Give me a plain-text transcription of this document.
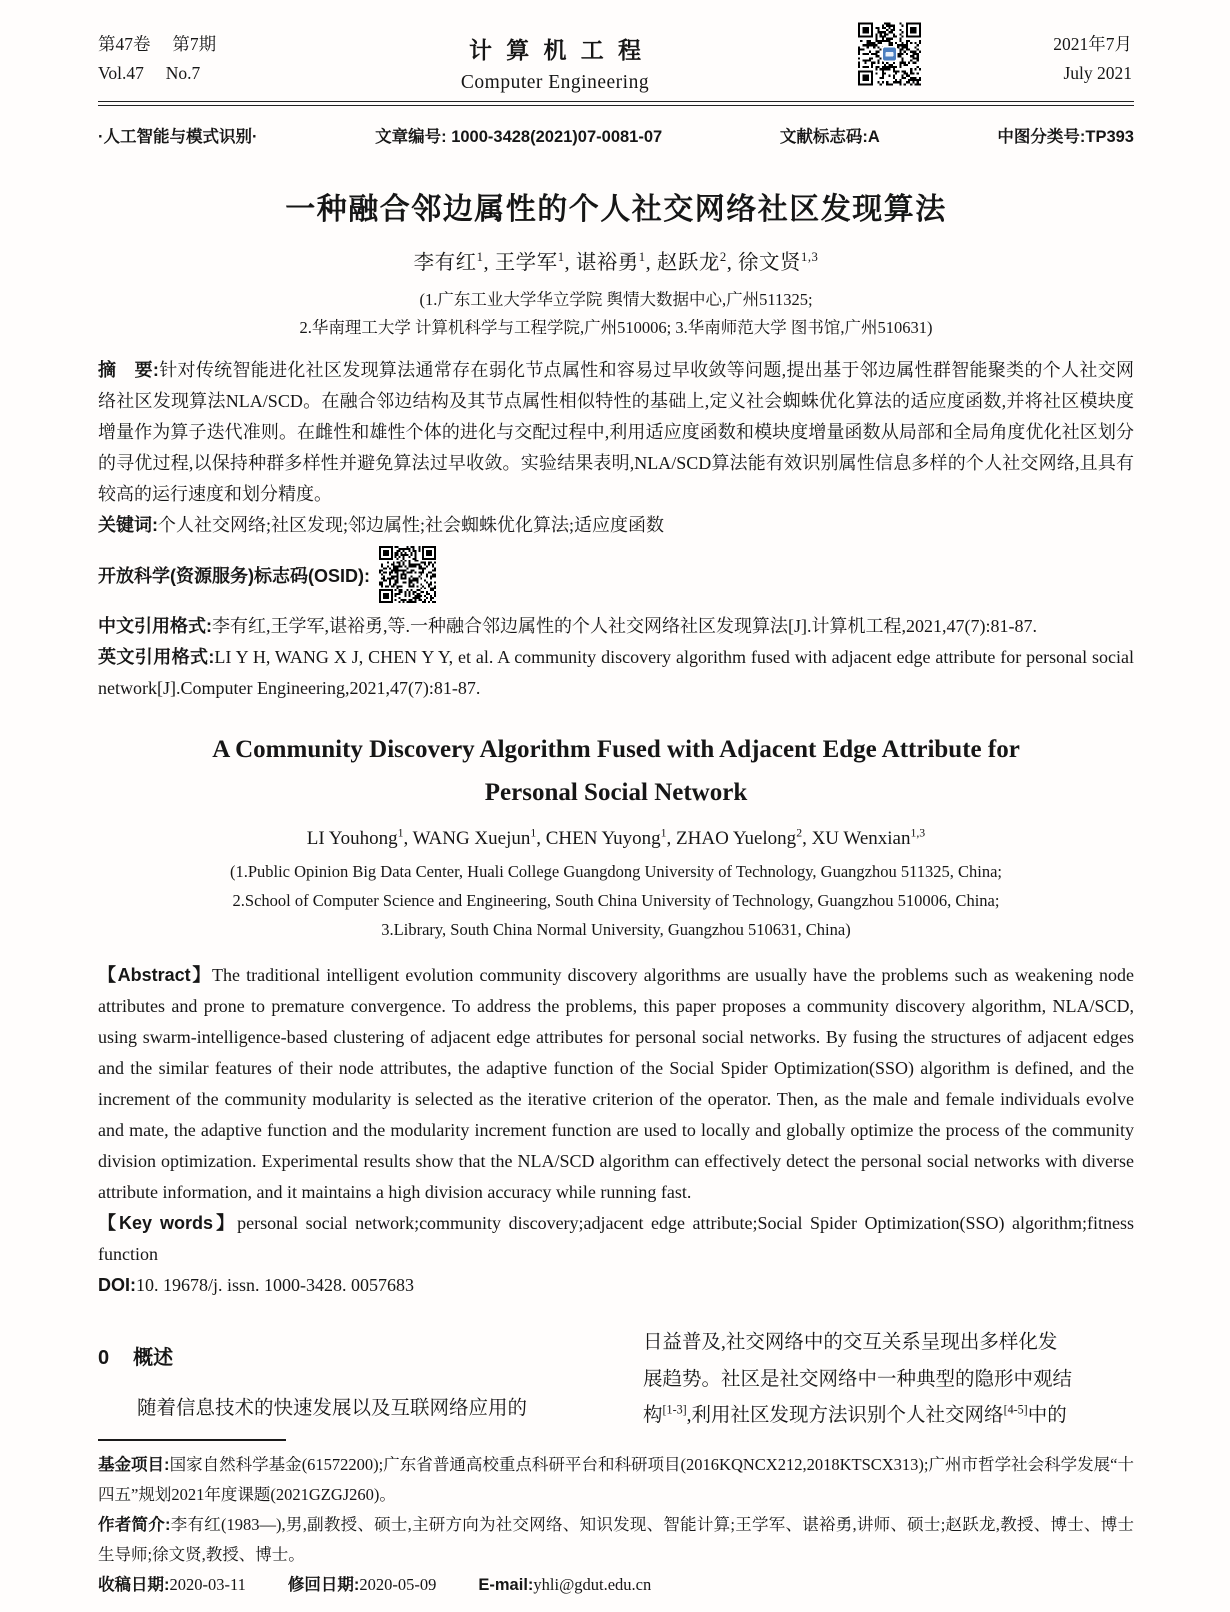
第47卷　 第7期
Vol.47     No.7
计算机工程
Computer Engineering
2021年7月
July 2021
·人工智能与模式识别·	文章编号: 1000-3428(2021)07-0081-07	文献标志码:A	中图分类号:TP393
一种融合邻边属性的个人社交网络社区发现算法
李有红$^1$, 王学军$^1$, 谌裕勇$^1$, 赵跃龙$^2$, 徐文贤$^{1,3}$
(1.广东工业大学华立学院 舆情大数据中心,广州511325;
2.华南理工大学 计算机科学与工程学院,广州510006; 3.华南师范大学 图书馆,广州510631)

摘　要:针对传统智能进化社区发现算法通常存在弱化节点属性和容易过早收敛等问题,提出基于邻边属性群智能聚类的个人社交网络社区发现算法NLA/SCD。在融合邻边结构及其节点属性相似特性的基础上,定义社会蜘蛛优化算法的适应度函数,并将社区模块度增量作为算子迭代准则。在雌性和雄性个体的进化与交配过程中,利用适应度函数和模块度增量函数从局部和全局角度优化社区划分的寻优过程,以保持种群多样性并避免算法过早收敛。实验结果表明,NLA/SCD算法能有效识别属性信息多样的个人社交网络,且具有较高的运行速度和划分精度。

关键词:个人社交网络;社区发现;邻边属性;社会蜘蛛优化算法;适应度函数

开放科学(资源服务)标志码(OSID):

中文引用格式:李有红,王学军,谌裕勇,等.一种融合邻边属性的个人社交网络社区发现算法[J].计算机工程,2021,47(7):81-87.

英文引用格式:LI Y H, WANG X J, CHEN Y Y, et al. A community discovery algorithm fused with adjacent edge attribute for personal social network[J].Computer Engineering,2021,47(7):81-87.

A Community Discovery Algorithm Fused with Adjacent Edge Attribute for
Personal Social Network
LI Youhong$^1$, WANG Xuejun$^1$, CHEN Yuyong$^1$, ZHAO Yuelong$^2$, XU Wenxian$^{1,3}$
(1.Public Opinion Big Data Center, Huali College Guangdong University of Technology, Guangzhou 511325, China;
2.School of Computer Science and Engineering, South China University of Technology, Guangzhou 510006, China;
3.Library, South China Normal University, Guangzhou 510631, China)

【Abstract】The traditional intelligent evolution community discovery algorithms are usually have the problems such as weakening node attributes and prone to premature convergence. To address the problems, this paper proposes a community discovery algorithm, NLA/SCD, using swarm-intelligence-based clustering of adjacent edge attributes for personal social networks. By fusing the structures of adjacent edges and the similar features of their node attributes, the adaptive function of the Social Spider Optimization(SSO) algorithm is defined, and the increment of the community modularity is selected as the iterative criterion of the operator. Then, as the male and female individuals evolve and mate, the adaptive function and the modularity increment function are used to locally and globally optimize the process of the community division optimization. Experimental results show that the NLA/SCD algorithm can effectively detect the personal social networks with diverse attribute information, and it maintains a high division accuracy while running fast.

【Key words】personal social network;community discovery;adjacent edge attribute;Social Spider Optimization(SSO) algorithm;fitness function

DOI:10. 19678/j. issn. 1000-3428. 0057683

0 概述
随着信息技术的快速发展以及互联网络应用的
日益普及,社交网络中的交互关系呈现出多样化发
展趋势。社区是社交网络中一种典型的隐形中观结
构[1-3],利用社区发现方法识别个人社交网络[4-5]中的

基金项目:国家自然科学基金(61572200);广东省普通高校重点科研平台和科研项目(2016KQNCX212,2018KTSCX313);广州市哲学社会科学发展“十四五”规划2021年度课题(2021GZGJ260)。

作者简介:李有红(1983—),男,副教授、硕士,主研方向为社交网络、知识发现、智能计算;王学军、谌裕勇,讲师、硕士;赵跃龙,教授、博士、博士生导师;徐文贤,教授、博士。

收稿日期:2020-03-11	修回日期:2020-05-09	E-mail:yhli@gdut.edu.cn
